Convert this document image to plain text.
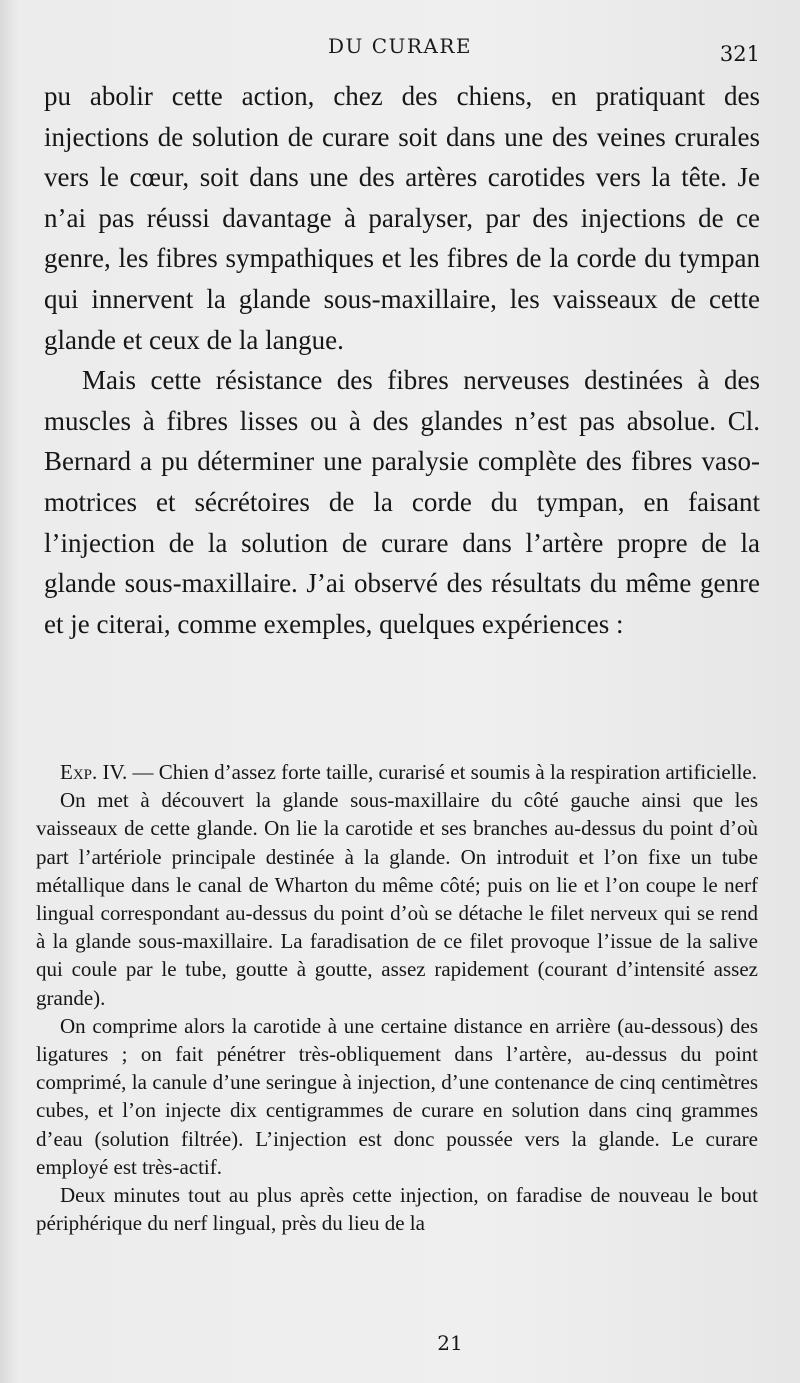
DU CURARE	321

pu abolir cette action, chez des chiens, en pratiquant des injections de solution de curare soit dans une des veines crurales vers le cœur, soit dans une des artères carotides vers la tête. Je n’ai pas réussi davantage à paralyser, par des injections de ce genre, les fibres sympathiques et les fibres de la corde du tympan qui innervent la glande sous-maxillaire, les vaisseaux de cette glande et ceux de la langue.

Mais cette résistance des fibres nerveuses destinées à des muscles à fibres lisses ou à des glandes n’est pas absolue. Cl. Bernard a pu déterminer une paralysie complète des fibres vaso-motrices et sécrétoires de la corde du tympan, en faisant l’injection de la solution de curare dans l’artère propre de la glande sous-maxillaire. J’ai observé des résultats du même genre et je citerai, comme exemples, quelques expériences :

Exp. IV. — Chien d’assez forte taille, curarisé et soumis à la respiration artificielle.

On met à découvert la glande sous-maxillaire du côté gauche ainsi que les vaisseaux de cette glande. On lie la carotide et ses branches au-dessus du point d’où part l’artériole principale destinée à la glande. On introduit et l’on fixe un tube métallique dans le canal de Wharton du même côté; puis on lie et l’on coupe le nerf lingual correspondant au-dessus du point d’où se détache le filet nerveux qui se rend à la glande sous-maxillaire. La faradisation de ce filet provoque l’issue de la salive qui coule par le tube, goutte à goutte, assez rapidement (courant d’intensité assez grande).

On comprime alors la carotide à une certaine distance en arrière (au-dessous) des ligatures ; on fait pénétrer très-obliquement dans l’artère, au-dessus du point comprimé, la canule d’une seringue à injection, d’une contenance de cinq centimètres cubes, et l’on injecte dix centigrammes de curare en solution dans cinq grammes d’eau (solution filtrée). L’injection est donc poussée vers la glande. Le curare employé est très-actif.

Deux minutes tout au plus après cette injection, on faradise de nouveau le bout périphérique du nerf lingual, près du lieu de la

21
